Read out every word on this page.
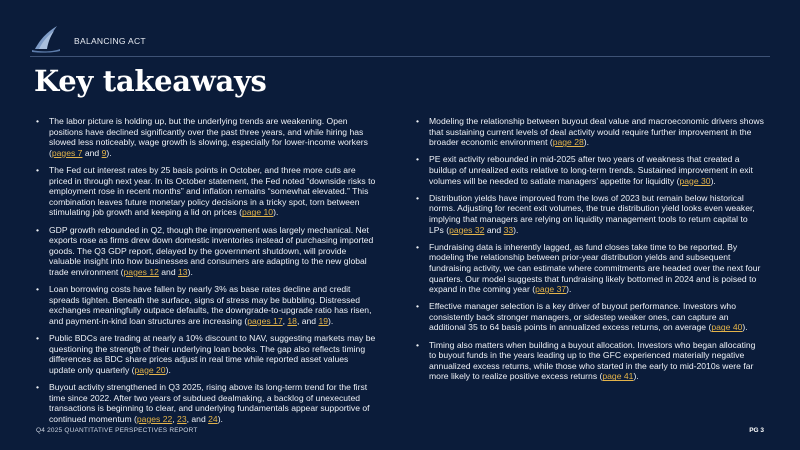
BALANCING ACT
Key takeaways
• The labor picture is holding up, but the underlying trends are weakening. Open positions have declined significantly over the past three years, and while hiring has slowed less noticeably, wage growth is slowing, especially for lower-income workers (pages 7 and 9).
• The Fed cut interest rates by 25 basis points in October, and three more cuts are priced in through next year. In its October statement, the Fed noted “downside risks to employment rose in recent months” and inflation remains “somewhat elevated.” This combination leaves future monetary policy decisions in a tricky spot, torn between stimulating job growth and keeping a lid on prices (page 10).
• GDP growth rebounded in Q2, though the improvement was largely mechanical. Net exports rose as firms drew down domestic inventories instead of purchasing imported goods. The Q3 GDP report, delayed by the government shutdown, will provide valuable insight into how businesses and consumers are adapting to the new global trade environment (pages 12 and 13).
• Loan borrowing costs have fallen by nearly 3% as base rates decline and credit spreads tighten. Beneath the surface, signs of stress may be bubbling. Distressed exchanges meaningfully outpace defaults, the downgrade-to-upgrade ratio has risen, and payment-in-kind loan structures are increasing (pages 17, 18, and 19).
• Public BDCs are trading at nearly a 10% discount to NAV, suggesting markets may be questioning the strength of their underlying loan books. The gap also reflects timing differences as BDC share prices adjust in real time while reported asset values update only quarterly (page 20).
• Buyout activity strengthened in Q3 2025, rising above its long-term trend for the first time since 2022. After two years of subdued dealmaking, a backlog of unexecuted transactions is beginning to clear, and underlying fundamentals appear supportive of continued momentum (pages 22, 23, and 24).
• Modeling the relationship between buyout deal value and macroeconomic drivers shows that sustaining current levels of deal activity would require further improvement in the broader economic environment (page 28).
• PE exit activity rebounded in mid-2025 after two years of weakness that created a buildup of unrealized exits relative to long-term trends. Sustained improvement in exit volumes will be needed to satiate managers’ appetite for liquidity (page 30).
• Distribution yields have improved from the lows of 2023 but remain below historical norms. Adjusting for recent exit volumes, the true distribution yield looks even weaker, implying that managers are relying on liquidity management tools to return capital to LPs (pages 32 and 33).
• Fundraising data is inherently lagged, as fund closes take time to be reported. By modeling the relationship between prior-year distribution yields and subsequent fundraising activity, we can estimate where commitments are headed over the next four quarters. Our model suggests that fundraising likely bottomed in 2024 and is poised to expand in the coming year (page 37).
• Effective manager selection is a key driver of buyout performance. Investors who consistently back stronger managers, or sidestep weaker ones, can capture an additional 35 to 64 basis points in annualized excess returns, on average (page 40).
• Timing also matters when building a buyout allocation. Investors who began allocating to buyout funds in the years leading up to the GFC experienced materially negative annualized excess returns, while those who started in the early to mid-2010s were far more likely to realize positive excess returns (page 41).
Q4 2025 QUANTITATIVE PERSPECTIVES REPORT	PG 3
